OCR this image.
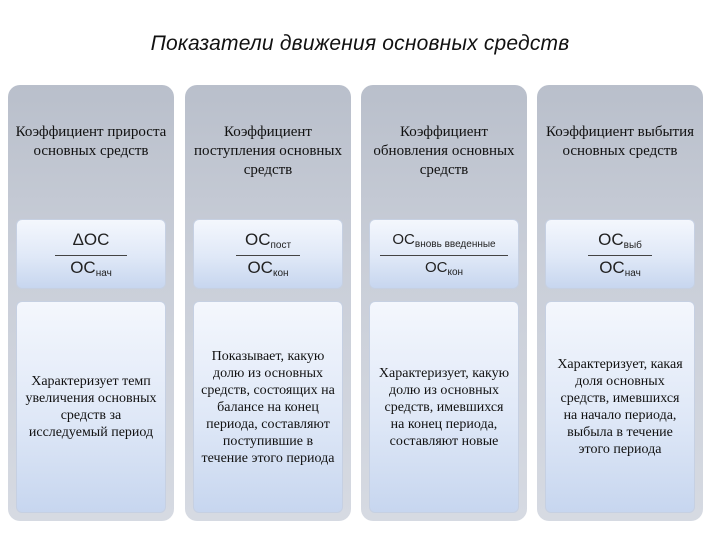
Показатели движения основных средств
Коэффициент прироста основных средств
ΔОС
$ОС_{нач}$
Характеризует темп увеличения основных средств за исследуемый период
Коэффициент поступления основных средств
$ОС_{пост}$
$ОС_{кон}$
Показывает, какую долю из основных средств, состоящих на балансе на конец периода, составляют поступившие в течение этого периода
Коэффициент обновления основных средств
$ОС_{вновь введенные}$
$ОС_{кон}$
Характеризует, какую долю из основных средств, имевшихся на конец периода, составляют новые
Коэффициент выбытия основных средств
$ОС_{выб}$
$ОС_{нач}$
Характеризует, какая доля основных средств, имевшихся на начало периода, выбыла в течение этого периода
